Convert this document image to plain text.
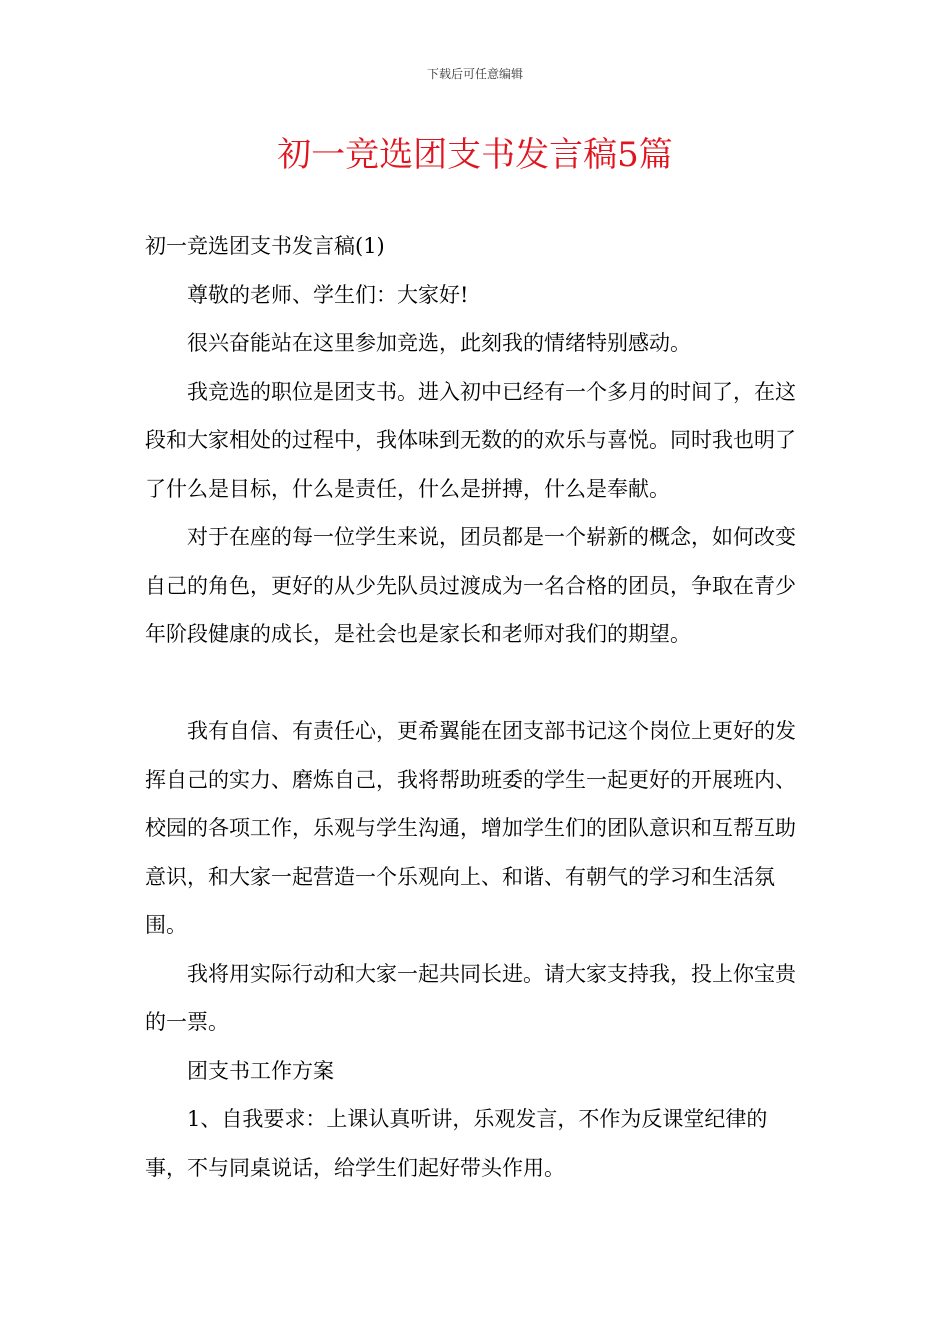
下载后可任意编辑
初一竞选团支书发言稿5篇

初一竞选团支书发言稿(1)

尊敬的老师、学生们：大家好!

很兴奋能站在这里参加竞选，此刻我的情绪特别感动。

我竞选的职位是团支书。进入初中已经有一个多月的时间了，在这段和大家相处的过程中，我体味到无数的的欢乐与喜悦。同时我也明了了什么是目标，什么是责任，什么是拼搏，什么是奉献。

对于在座的每一位学生来说，团员都是一个崭新的概念，如何改变自己的角色，更好的从少先队员过渡成为一名合格的团员，争取在青少年阶段健康的成长，是社会也是家长和老师对我们的期望。

我有自信、有责任心，更希翼能在团支部书记这个岗位上更好的发挥自己的实力、磨炼自己，我将帮助班委的学生一起更好的开展班内、校园的各项工作，乐观与学生沟通，增加学生们的团队意识和互帮互助意识，和大家一起营造一个乐观向上、和谐、有朝气的学习和生活氛围。

我将用实际行动和大家一起共同长进。请大家支持我，投上你宝贵的一票。

团支书工作方案

1、自我要求：上课认真听讲，乐观发言，不作为反课堂纪律的事，不与同桌说话，给学生们起好带头作用。
